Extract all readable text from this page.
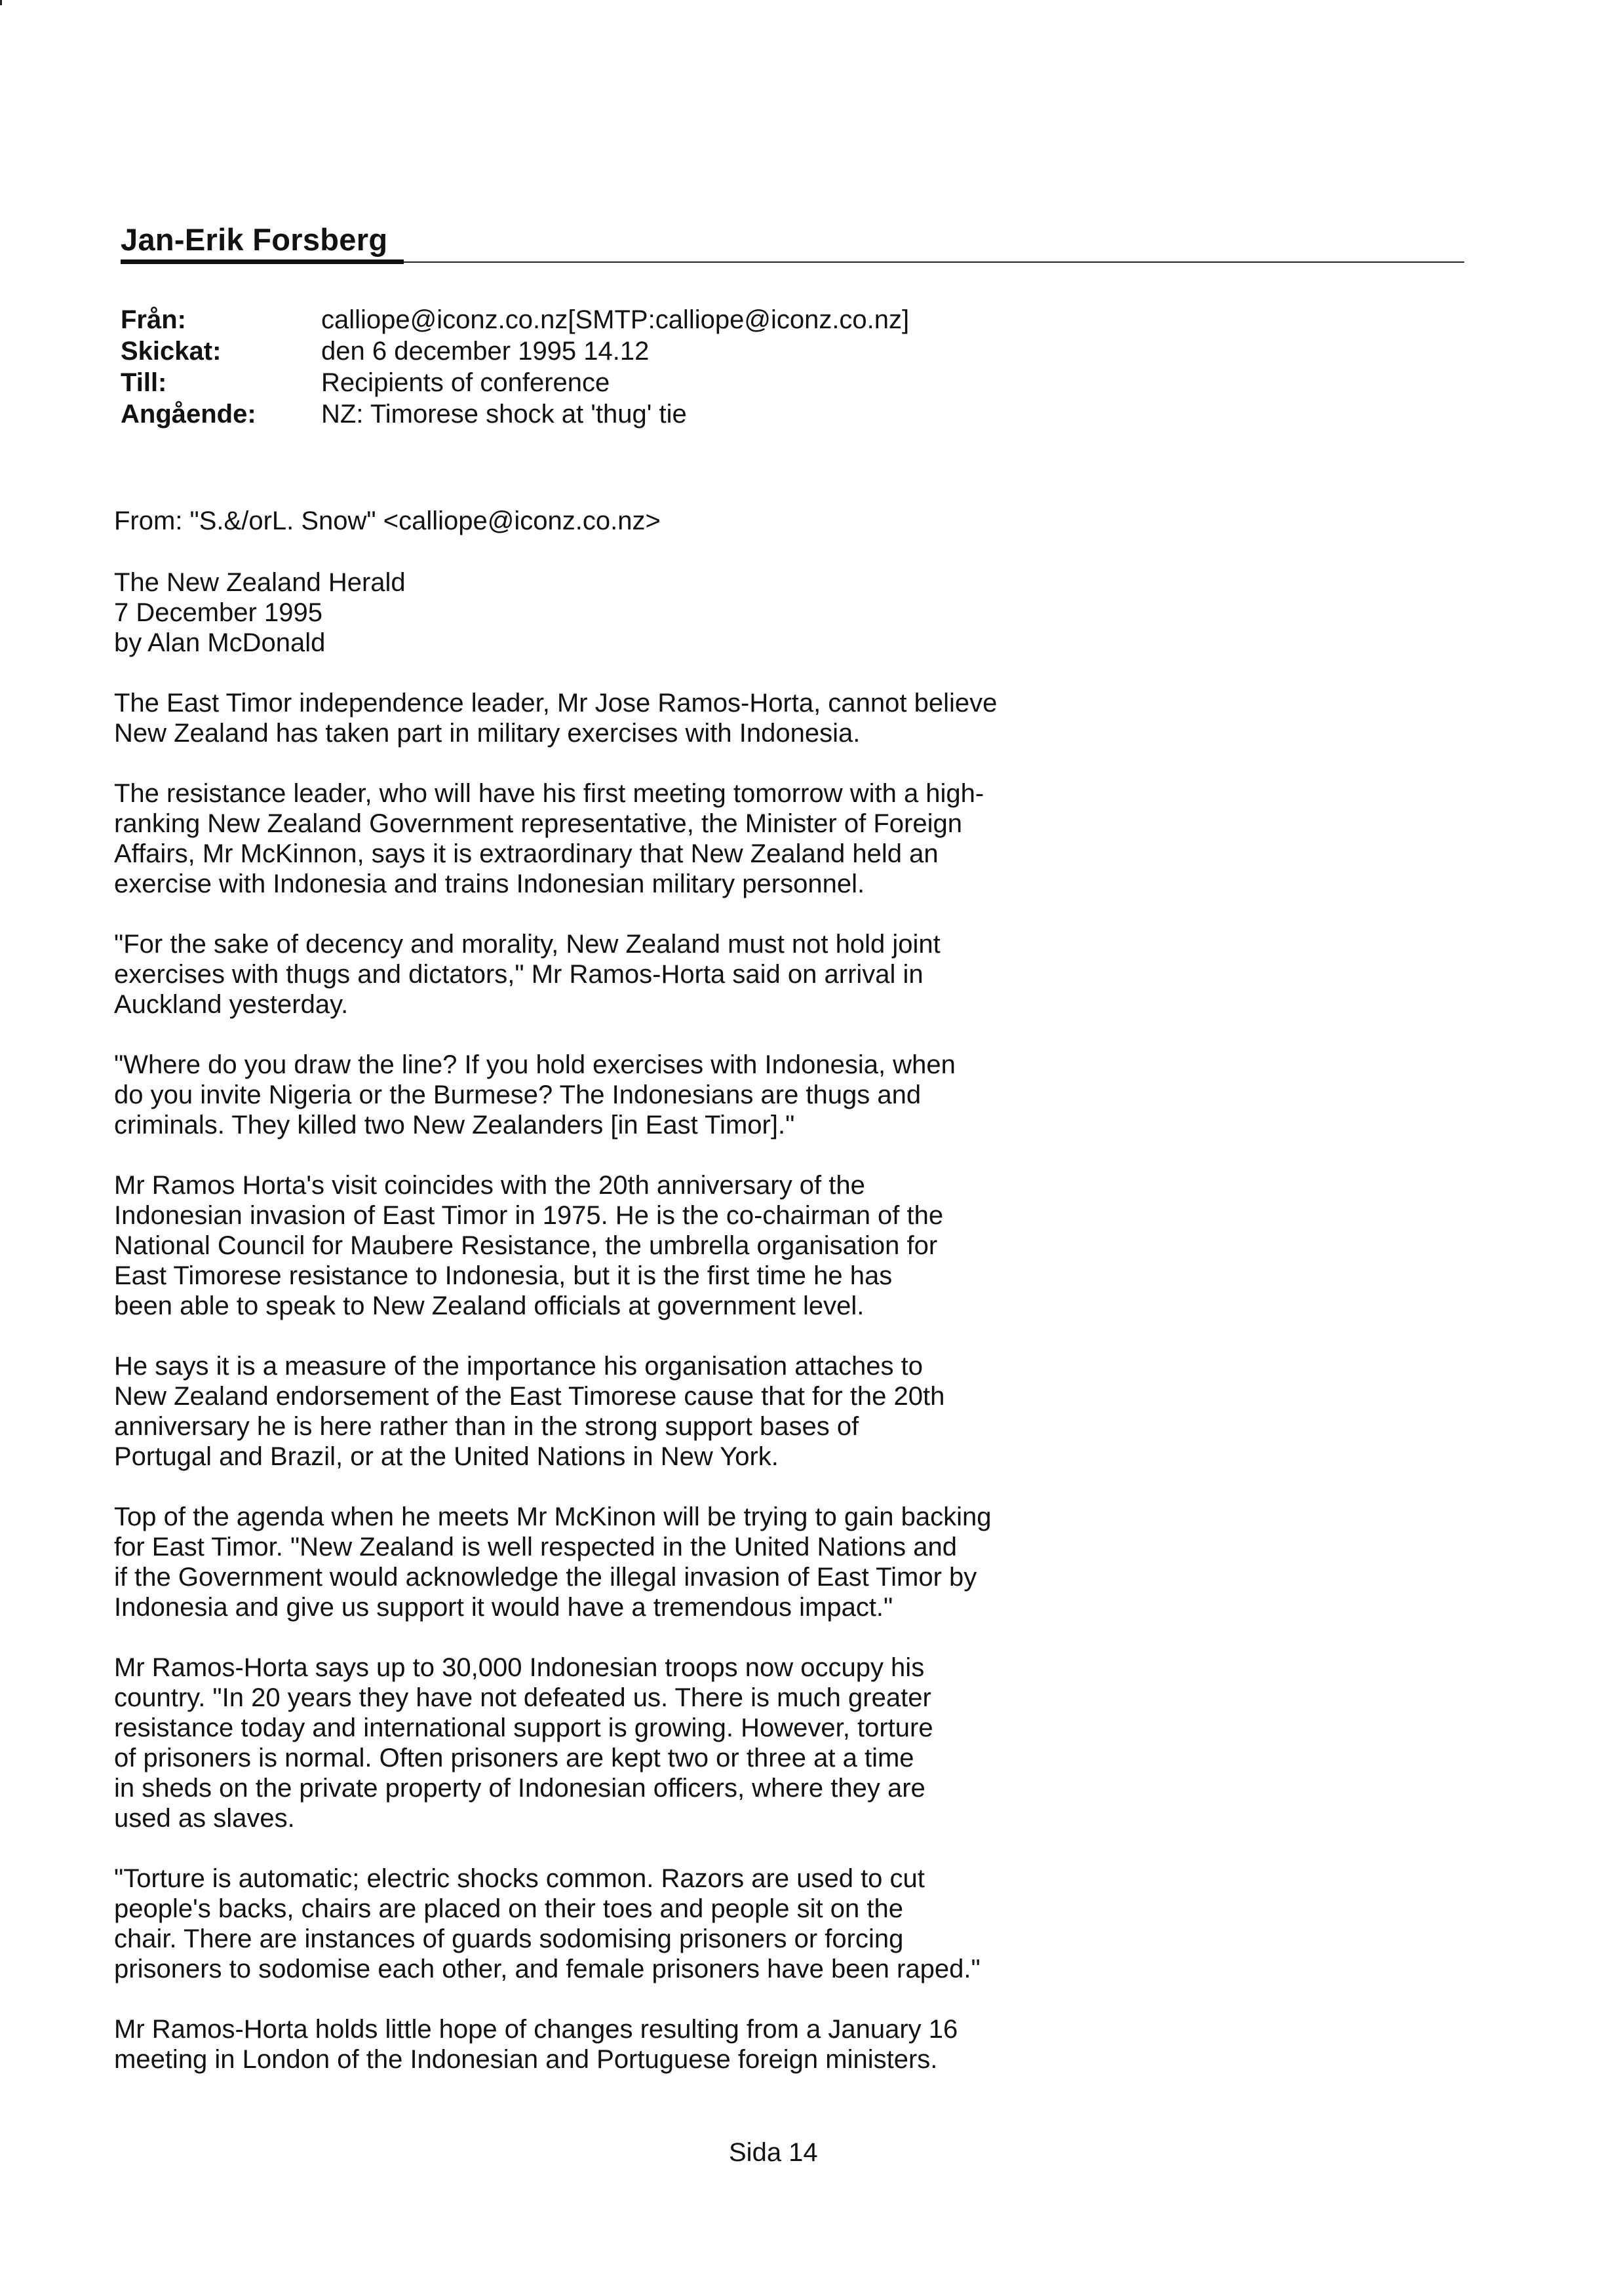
Jan-Erik Forsberg
Från:	calliope@iconz.co.nz[SMTP:calliope@iconz.co.nz]
Skickat:	den 6 december 1995 14.12
Till:	Recipients of conference
Angående:	NZ: Timorese shock at 'thug' tie

From: "S.&/orL. Snow" <calliope@iconz.co.nz>

The New Zealand Herald
7 December 1995
by Alan McDonald

The East Timor independence leader, Mr Jose Ramos-Horta, cannot believe
New Zealand has taken part in military exercises with Indonesia.

The resistance leader, who will have his first meeting tomorrow with a high-
ranking New Zealand Government representative, the Minister of Foreign
Affairs, Mr McKinnon, says it is extraordinary that New Zealand held an
exercise with Indonesia and trains Indonesian military personnel.

"For the sake of decency and morality, New Zealand must not hold joint
exercises with thugs and dictators," Mr Ramos-Horta said on arrival in
Auckland yesterday.

"Where do you draw the line? If you hold exercises with Indonesia, when
do you invite Nigeria or the Burmese? The Indonesians are thugs and
criminals. They killed two New Zealanders [in East Timor]."

Mr Ramos Horta's visit coincides with the 20th anniversary of the
Indonesian invasion of East Timor in 1975. He is the co-chairman of the
National Council for Maubere Resistance, the umbrella organisation for
East Timorese resistance to Indonesia, but it is the first time he has
been able to speak to New Zealand officials at government level.

He says it is a measure of the importance his organisation attaches to
New Zealand endorsement of the East Timorese cause that for the 20th
anniversary he is here rather than in the strong support bases of
Portugal and Brazil, or at the United Nations in New York.

Top of the agenda when he meets Mr McKinon will be trying to gain backing
for East Timor. "New Zealand is well respected in the United Nations and
if the Government would acknowledge the illegal invasion of East Timor by
Indonesia and give us support it would have a tremendous impact."

Mr Ramos-Horta says up to 30,000 Indonesian troops now occupy his
country. "In 20 years they have not defeated us. There is much greater
resistance today and international support is growing. However, torture
of prisoners is normal. Often prisoners are kept two or three at a time
in sheds on the private property of Indonesian officers, where they are
used as slaves.

"Torture is automatic; electric shocks common. Razors are used to cut
people's backs, chairs are placed on their toes and people sit on the
chair. There are instances of guards sodomising prisoners or forcing
prisoners to sodomise each other, and female prisoners have been raped."

Mr Ramos-Horta holds little hope of changes resulting from a January 16
meeting in London of the Indonesian and Portuguese foreign ministers.

Sida 14
